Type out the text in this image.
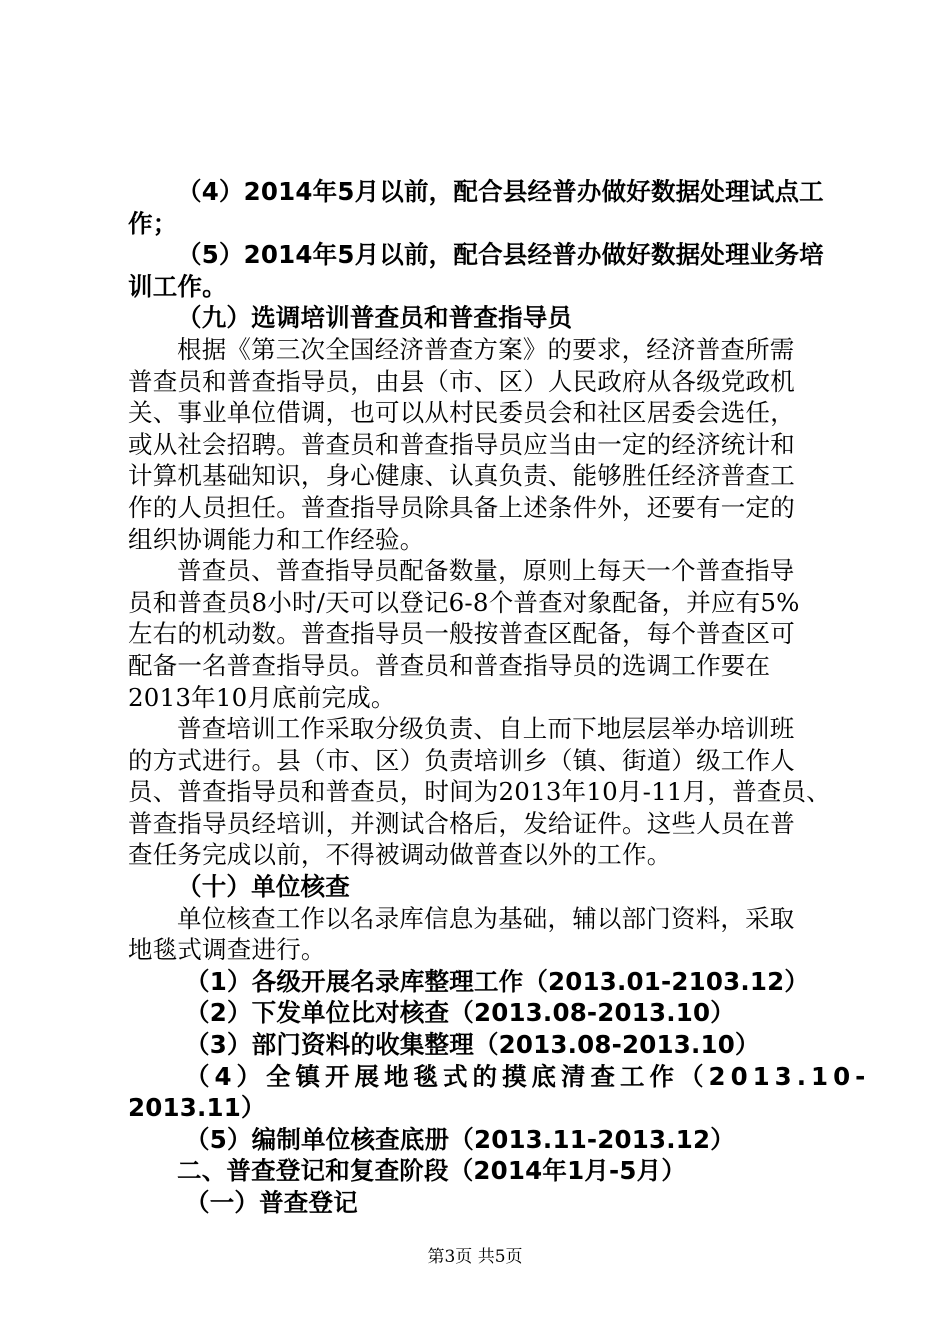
（4）2014年5月以前，配合县经普办做好数据处理试点工
作；
（5）2014年5月以前，配合县经普办做好数据处理业务培
训工作。
（九）选调培训普查员和普查指导员
根据《第三次全国经济普查方案》的要求，经济普查所需
普查员和普查指导员，由县（市、区）人民政府从各级党政机
关、事业单位借调，也可以从村民委员会和社区居委会选任，
或从社会招聘。普查员和普查指导员应当由一定的经济统计和
计算机基础知识，身心健康、认真负责、能够胜任经济普查工
作的人员担任。普查指导员除具备上述条件外，还要有一定的
组织协调能力和工作经验。
普查员、普查指导员配备数量，原则上每天一个普查指导
员和普查员8小时/天可以登记6-8个普查对象配备，并应有5%
左右的机动数。普查指导员一般按普查区配备，每个普查区可
配备一名普查指导员。普查员和普查指导员的选调工作要在
2013年10月底前完成。
普查培训工作采取分级负责、自上而下地层层举办培训班
的方式进行。县（市、区）负责培训乡（镇、街道）级工作人
员、普查指导员和普查员，时间为2013年10月-11月，普查员、
普查指导员经培训，并测试合格后，发给证件。这些人员在普
查任务完成以前，不得被调动做普查以外的工作。
（十）单位核查
单位核查工作以名录库信息为基础，辅以部门资料，采取
地毯式调查进行。
（1）各级开展名录库整理工作（2013.01-2103.12）
（2）下发单位比对核查（2013.08-2013.10）
（3）部门资料的收集整理（2013.08-2013.10）
（4）全镇开展地毯式的摸底清查工作（2013.10-
2013.11）
（5）编制单位核查底册（2013.11-2013.12）
二、普查登记和复查阶段（2014年1月-5月）
（一）普查登记
第3页 共5页
